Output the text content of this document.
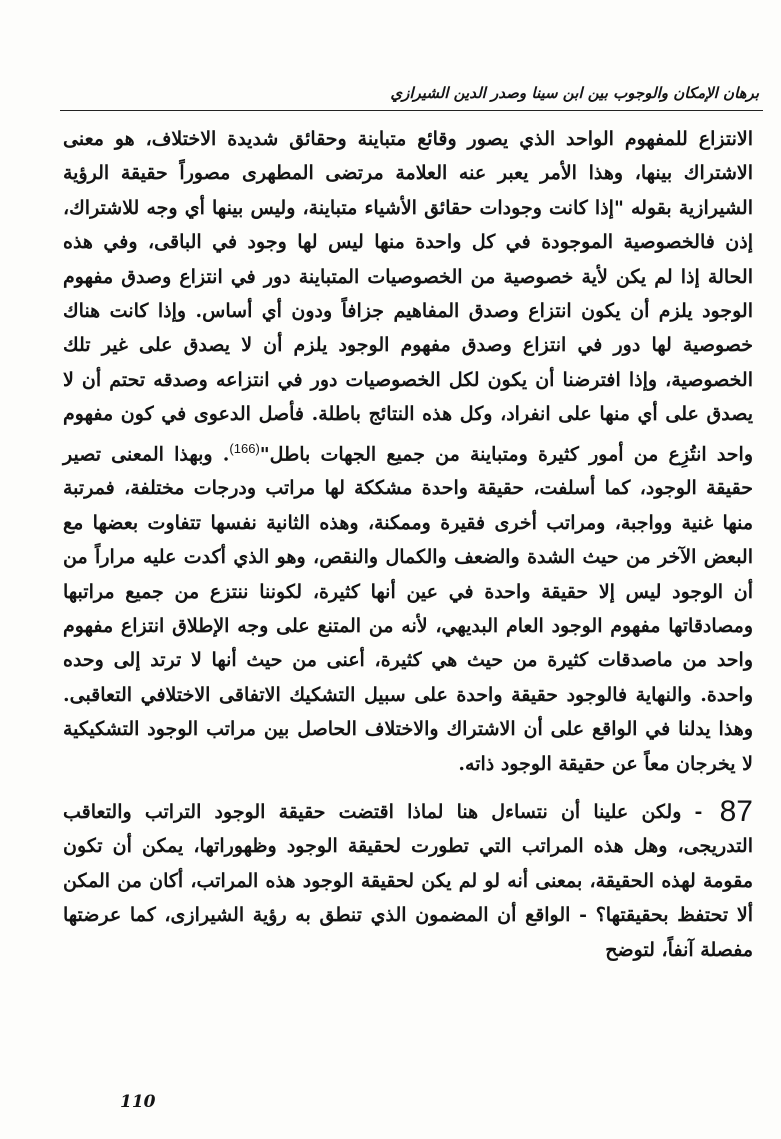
برهان الإمكان والوجوب بين ابن سينا وصدر الدين الشيرازي

الانتزاع للمفهوم الواحد الذي يصور وقائع متباينة وحقائق شديدة الاختلاف، هو معنى الاشتراك بينها، وهذا الأمر يعبر عنه العلامة مرتضى المطهرى مصوراً حقيقة الرؤية الشيرازية بقوله "إذا كانت وجودات حقائق الأشياء متباينة، وليس بينها أي وجه للاشتراك، إذن فالخصوصية الموجودة في كل واحدة منها ليس لها وجود في الباقى، وفي هذه الحالة إذا لم يكن لأية خصوصية من الخصوصيات المتباينة دور في انتزاع وصدق مفهوم الوجود يلزم أن يكون انتزاع وصدق المفاهيم جزافاً ودون أي أساس. وإذا كانت هناك خصوصية لها دور في انتزاع وصدق مفهوم الوجود يلزم أن لا يصدق على غير تلك الخصوصية، وإذا افترضنا أن يكون لكل الخصوصيات دور في انتزاعه وصدقه تحتم أن لا يصدق على أي منها على انفراد، وكل هذه النتائج باطلة. فأصل الدعوى في كون مفهوم واحد انتُزِع من أمور كثيرة ومتباينة من جميع الجهات باطل"$^{(166)}$. وبهذا المعنى تصير حقيقة الوجود، كما أسلفت، حقيقة واحدة مشككة لها مراتب ودرجات مختلفة، فمرتبة منها غنية وواجبة، ومراتب أخرى فقيرة وممكنة، وهذه الثانية نفسها تتفاوت بعضها مع البعض الآخر من حيث الشدة والضعف والكمال والنقص، وهو الذي أكدت عليه مراراً من أن الوجود ليس إلا حقيقة واحدة في عين أنها كثيرة، لكوننا ننتزع من جميع مراتبها ومصادقاتها مفهوم الوجود العام البديهي، لأنه من المتنع على وجه الإطلاق انتزاع مفهوم واحد من ماصدقات كثيرة من حيث هي كثيرة، أعنى من حيث أنها لا ترتد إلى وحده واحدة. والنهاية فالوجود حقيقة واحدة على سبيل التشكيك الاتفاقى الاختلافي التعاقبى. وهذا يدلنا في الواقع على أن الاشتراك والاختلاف الحاصل بين مراتب الوجود التشكيكية لا يخرجان معاً عن حقيقة الوجود ذاته.

87 - ولكن علينا أن نتساءل هنا لماذا اقتضت حقيقة الوجود التراتب والتعاقب التدريجى، وهل هذه المراتب التي تطورت لحقيقة الوجود وظهوراتها، يمكن أن تكون مقومة لهذه الحقيقة، بمعنى أنه لو لم يكن لحقيقة الوجود هذه المراتب، أكان من المكن ألا تحتفظ بحقيقتها؟ - الواقع أن المضمون الذي تنطق به رؤية الشيرازى، كما عرضتها مفصلة آنفاً، لتوضح

110
